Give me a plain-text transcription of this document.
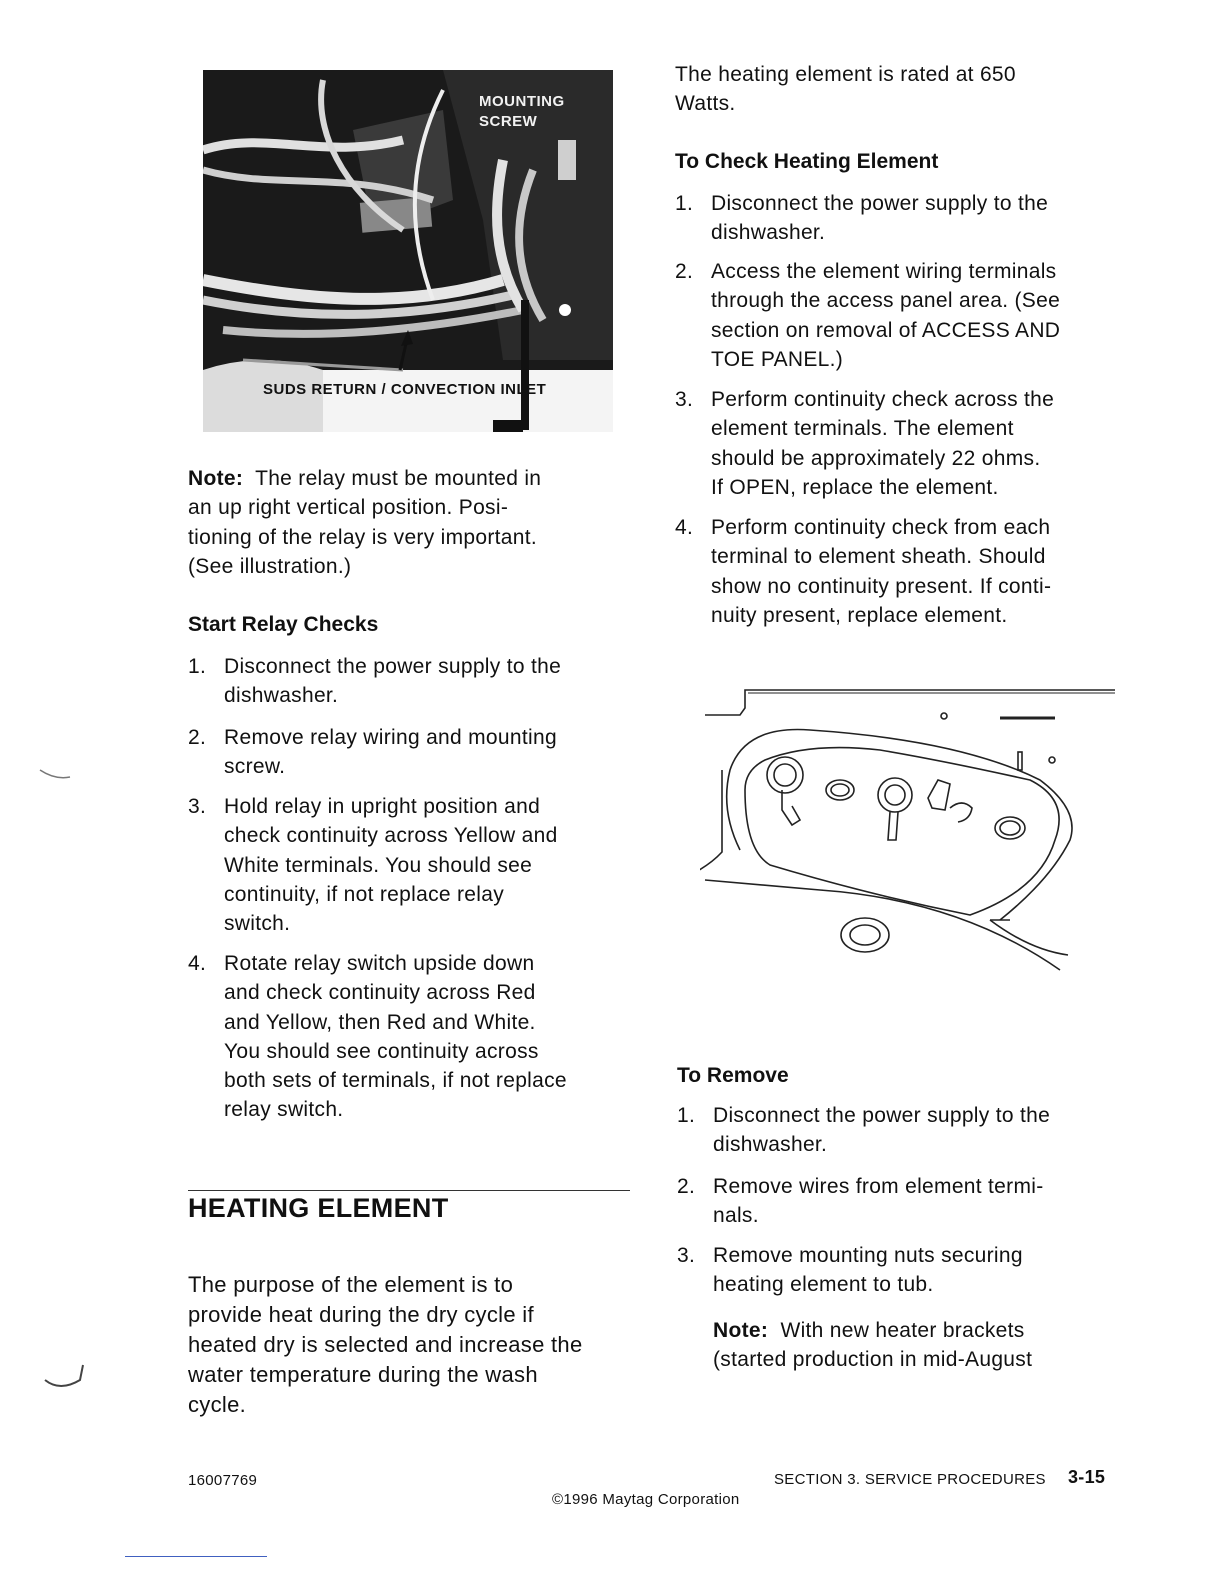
MOUNTING SCREW
SUDS RETURN / CONVECTION INLET
Note: The relay must be mounted in
an up right vertical position. Posi-
tioning of the relay is very important.
(See illustration.)
Start Relay Checks
1. Disconnect the power supply to the
dishwasher.
2. Remove relay wiring and mounting
screw.
3. Hold relay in upright position and
check continuity across Yellow and
White terminals. You should see
continuity, if not replace relay
switch.
4. Rotate relay switch upside down
and check continuity across Red
and Yellow, then Red and White.
You should see continuity across
both sets of terminals, if not replace
relay switch.
HEATING ELEMENT
The purpose of the element is to
provide heat during the dry cycle if
heated dry is selected and increase the
water temperature during the wash
cycle.
The heating element is rated at 650
Watts.
To Check Heating Element
1. Disconnect the power supply to the
dishwasher.
2. Access the element wiring terminals
through the access panel area. (See
section on removal of ACCESS AND
TOE PANEL.)
3. Perform continuity check across the
element terminals. The element
should be approximately 22 ohms.
If OPEN, replace the element.
4. Perform continuity check from each
terminal to element sheath. Should
show no continuity present. If conti-
nuity present, replace element.
To Remove
1. Disconnect the power supply to the
dishwasher.
2. Remove wires from element termi-
nals.
3. Remove mounting nuts securing
heating element to tub.
Note: With new heater brackets
(started production in mid-August
16007769	SECTION 3. SERVICE PROCEDURES 3-15
©1996 Maytag Corporation
